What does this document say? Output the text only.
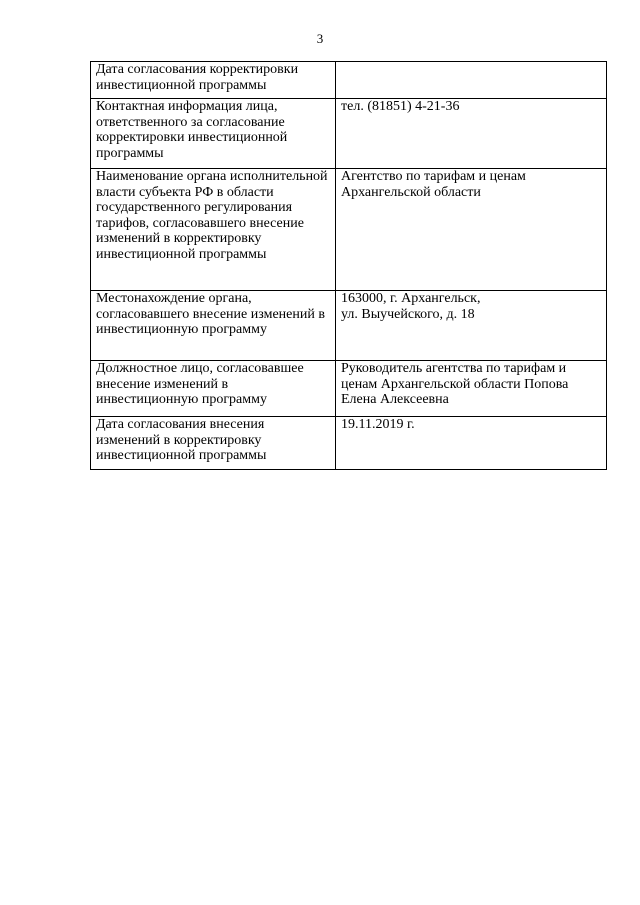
3
Дата согласования корректировки инвестиционной программы	
Контактная информация лица, ответственного за согласование корректировки инвестиционной программы	тел. (81851) 4-21-36
Наименование органа исполнительной власти субъекта РФ в области государственного регулирования тарифов, согласовавшего внесение изменений в корректировку инвестиционной программы	Агентство по тарифам и ценам Архангельской области
Местонахождение органа, согласовавшего внесение изменений в инвестиционную программу	163000, г. Архангельск,
ул. Выучейского, д. 18

Должностное лицо, согласовавшее внесение изменений в инвестиционную программу	Руководитель агентства по тарифам и ценам Архангельской области Попова Елена Алексеевна
Дата согласования внесения изменений в корректировку инвестиционной программы	19.11.2019 г.
